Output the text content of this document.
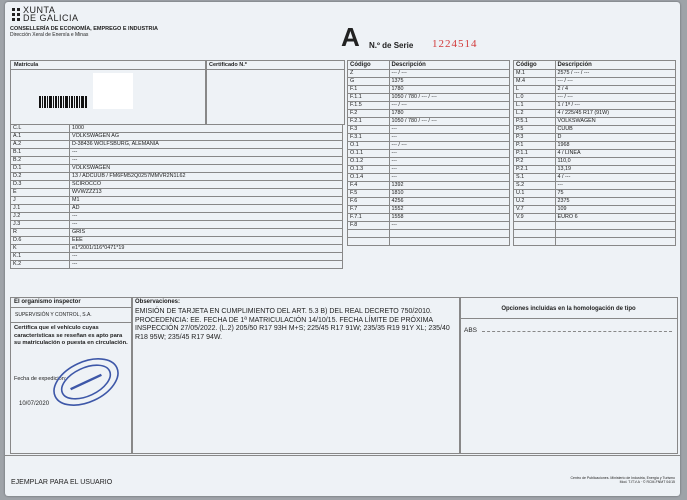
XUNTA
DE GALICIA
CONSELLERÍA DE ECONOMÍA, EMPREGO E INDUSTRIA
Dirección Xeral de Enerxía e Minas	A N.º de Serie 1224514
Matrícula	Certificado N.º
C.L	1000
A.1	VOLKSWAGEN AG
A.2	D-38436 WOLFSBURG, ALEMANIA
B.1	---
B.2	---
D.1	VOLKSWAGEN
D.2	13 / ADCUUB / FM6FM52Q0257MMVR2N1L62
D.3	SCIROCCO
E	WVWZZZ13
J	M1
J.1	AD
J.2	---
J.3	---
R	GRIS
D.6	EEE
K	e1*2001/116*0471*19
K.1	---
K.2	---
Código	Descripción
Z	--- / ---
G	1375
F.1	1780
F.1.1	1050 / 780 / --- / ---
F.1.5	--- / ---
F.2	1780
F.2.1	1050 / 780 / --- / ---
F.3	---
F.3.1	---
O.1	--- / ---
O.1.1	---
O.1.2	---
O.1.3	---
O.1.4	---
F.4	1392
F.5	1810
F.6	4256
F.7	1552
F.7.1	1558
F.8	---

Código	Descripción
M.1	2575 / --- / ---
M.4	--- / ---
L	2 / 4
L.0	--- / ---
L.1	1 / 1ª / ---
L.2	4 / 225/45 R17 (91W)
P.5.1	VOLKSWAGEN
P.5	CUUB
P.3	D
P.1	1968
P.1.1	4 / LINEA
P.2	110,0
P.2.1	13,19
S.1	4 / ---
S.2	---
U.1	75
U.2	2375
V.7	109
V.9	EURO 6

El organismo inspector
SUPERVISIÓN Y CONTROL, S.A.
Certifica que el vehículo cuyas características se reseñan es apto para su matriculación o puesta en circulación.
Fecha de expedición:
10/07/2020
Observaciones:
EMISIÓN DE TARJETA EN CUMPLIMIENTO DEL ART. 5.3 B) DEL REAL DECRETO 750/2010. PROCEDENCIA: EE. FECHA DE 1ª MATRICULACIÓN 14/10/15. FECHA LÍMITE DE PRÓXIMA INSPECCIÓN 27/05/2022. (L.2) 205/50 R17 93H M+S; 225/45 R17 91W; 235/35 R19 91Y XL; 235/40 R18 95W; 235/45 R17 94W.
Opciones incluidas en la homologación de tipo
ABS
EJEMPLAR PARA EL USUARIO
Centro de Publicaciones. Ministerio de Industria, Energía y Turismo
Mod. T.IT.V.A · © RCM-FNMT 04/15
